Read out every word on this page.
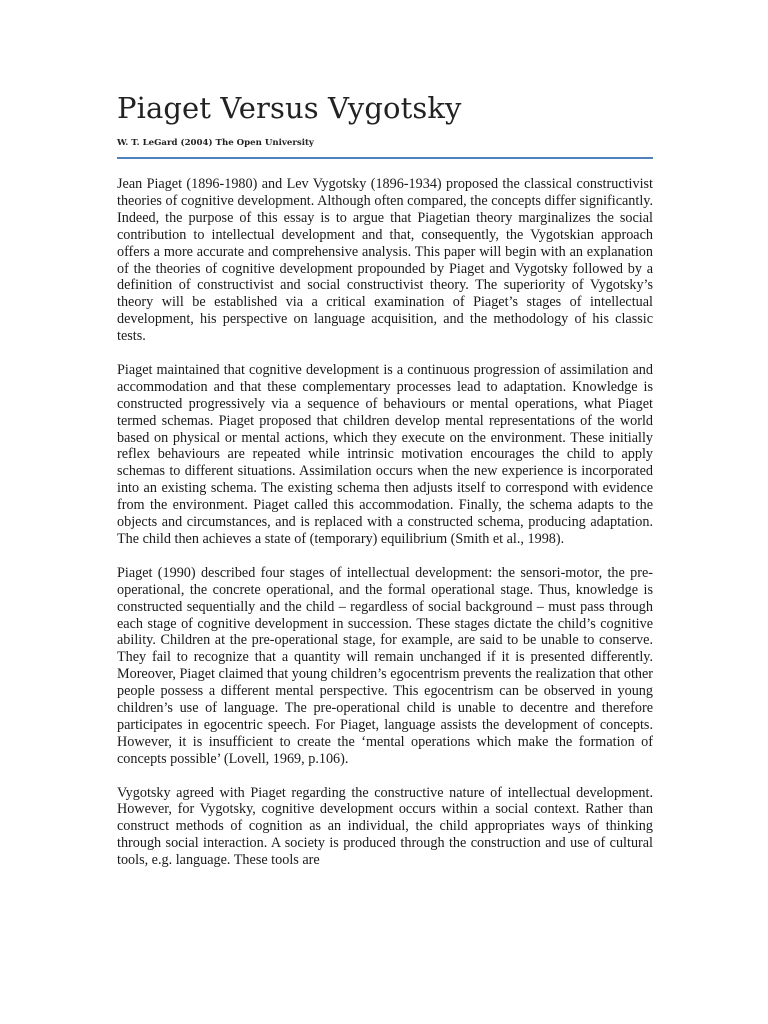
Piaget Versus Vygotsky
W. T. LeGard (2004) The Open University

Jean Piaget (1896-1980) and Lev Vygotsky (1896-1934) proposed the classical constructivist theories of cognitive development. Although often compared, the concepts differ significantly. Indeed, the purpose of this essay is to argue that Piagetian theory marginalizes the social contribution to intellectual development and that, consequently, the Vygotskian approach offers a more accurate and comprehensive analysis. This paper will begin with an explanation of the theories of cognitive development propounded by Piaget and Vygotsky followed by a definition of constructivist and social constructivist theory. The superiority of Vygotsky’s theory will be established via a critical examination of Piaget’s stages of intellectual development, his perspective on language acquisition, and the methodology of his classic tests.

Piaget maintained that cognitive development is a continuous progression of assimilation and accommodation and that these complementary processes lead to adaptation. Knowledge is constructed progressively via a sequence of behaviours or mental operations, what Piaget termed schemas. Piaget proposed that children develop mental representations of the world based on physical or mental actions, which they execute on the environment. These initially reflex behaviours are repeated while intrinsic motivation encourages the child to apply schemas to different situations. Assimilation occurs when the new experience is incorporated into an existing schema. The existing schema then adjusts itself to correspond with evidence from the environment. Piaget called this accommodation. Finally, the schema adapts to the objects and circumstances, and is replaced with a constructed schema, producing adaptation. The child then achieves a state of (temporary) equilibrium (Smith et al., 1998).

Piaget (1990) described four stages of intellectual development: the sensori-motor, the pre-operational, the concrete operational, and the formal operational stage. Thus, knowledge is constructed sequentially and the child – regardless of social background – must pass through each stage of cognitive development in succession. These stages dictate the child’s cognitive ability. Children at the pre-operational stage, for example, are said to be unable to conserve. They fail to recognize that a quantity will remain unchanged if it is presented differently. Moreover, Piaget claimed that young children’s egocentrism prevents the realization that other people possess a different mental perspective. This egocentrism can be observed in young children’s use of language. The pre-operational child is unable to decentre and therefore participates in egocentric speech. For Piaget, language assists the development of concepts. However, it is insufficient to create the ‘mental operations which make the formation of concepts possible’ (Lovell, 1969, p.106).

Vygotsky agreed with Piaget regarding the constructive nature of intellectual development. However, for Vygotsky, cognitive development occurs within a social context. Rather than construct methods of cognition as an individual, the child appropriates ways of thinking through social interaction. A society is produced through the construction and use of cultural tools, e.g. language. These tools are
